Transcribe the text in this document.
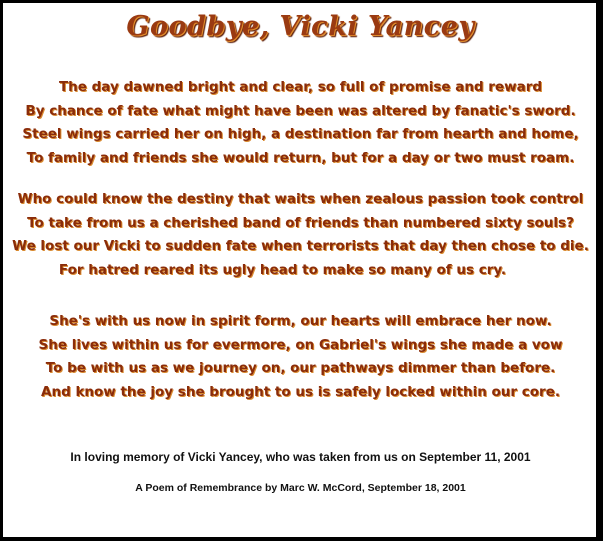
Goodbye, Vicki Yancey
The day dawned bright and clear, so full of promise and reward
By chance of fate what might have been was altered by fanatic's sword.
Steel wings carried her on high, a destination far from hearth and home,
To family and friends she would return, but for a day or two must roam.
Who could know the destiny that waits when zealous passion took control
To take from us a cherished band of friends than numbered sixty souls?
We lost our Vicki to sudden fate when terrorists that day then chose to die.
For hatred reared its ugly head to make so many of us cry.
She's with us now in spirit form, our hearts will embrace her now.
She lives within us for evermore, on Gabriel's wings she made a vow
To be with us as we journey on, our pathways dimmer than before.
And know the joy she brought to us is safely locked within our core.
In loving memory of Vicki Yancey, who was taken from us on September 11, 2001
A Poem of Remembrance by Marc W. McCord, September 18, 2001
